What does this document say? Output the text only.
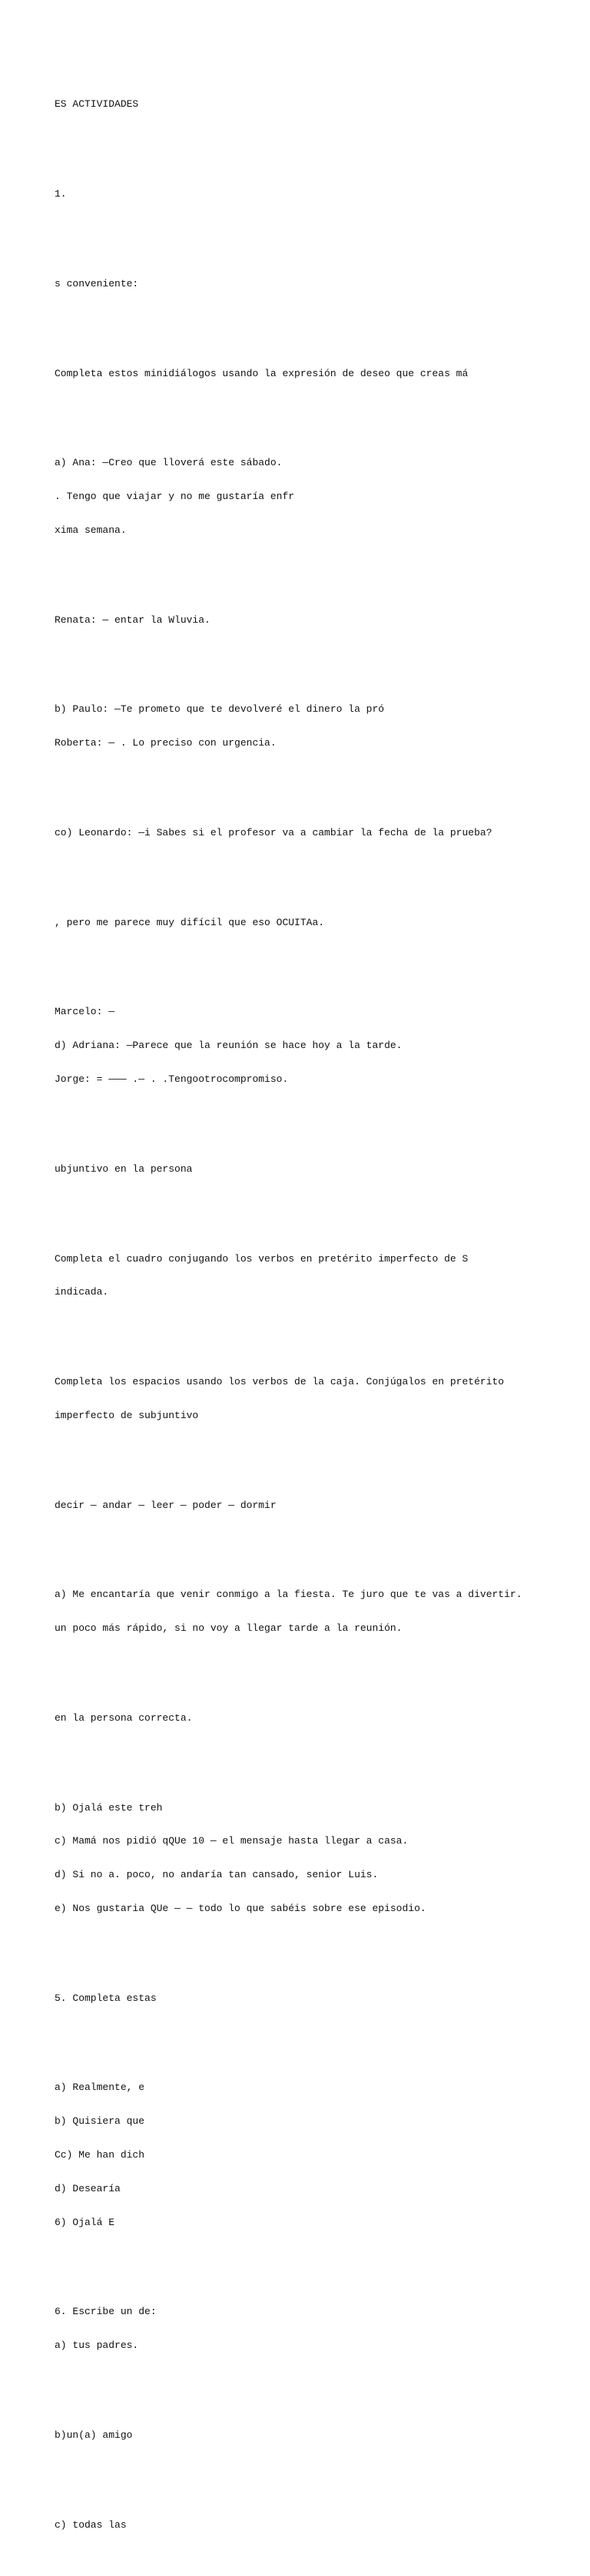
ES ACTIVIDADES

1.

s conveniente:

Completa estos minidiálogos usando la expresión de deseo que creas má

a) Ana: —Creo que lloverá este sábado.

. Tengo que viajar y no me gustaría enfr

xima semana.

Renata: — entar la Wluvia.

b) Paulo: —Te prometo que te devolveré el dinero la pró

Roberta: — . Lo preciso con urgencia.

co) Leonardo: —i Sabes si el profesor va a cambiar la fecha de la prueba?

, pero me parece muy difícil que eso OCUITAa.

Marcelo: —

d) Adriana: —Parece que la reunión se hace hoy a la tarde.

Jorge: = ——— .— . .Tengootrocompromiso.

ubjuntivo en la persona

Completa el cuadro conjugando los verbos en pretérito imperfecto de S

indicada.

Completa los espacios usando los verbos de la caja. Conjúgalos en pretérito

imperfecto de subjuntivo

decir — andar — leer — poder — dormir

a) Me encantaría que venir conmigo a la fiesta. Te juro que te vas a divertir.

un poco más rápido, si no voy a llegar tarde a la reunión.

en la persona correcta.

b) Ojalá este treh

c) Mamá nos pidió qQUe 10 — el mensaje hasta llegar a casa.

d) Si no a. poco, no andaría tan cansado, senior Luis.

e) Nos gustaria QUe — — todo lo que sabéis sobre ese episodio.

5. Completa estas

a) Realmente, e

b) Quisiera que

Cc) Me han dich

d) Desearía

6) Ojalá E

6. Escribe un de:

a) tus padres.

b)un(a) amigo

c) todas las
